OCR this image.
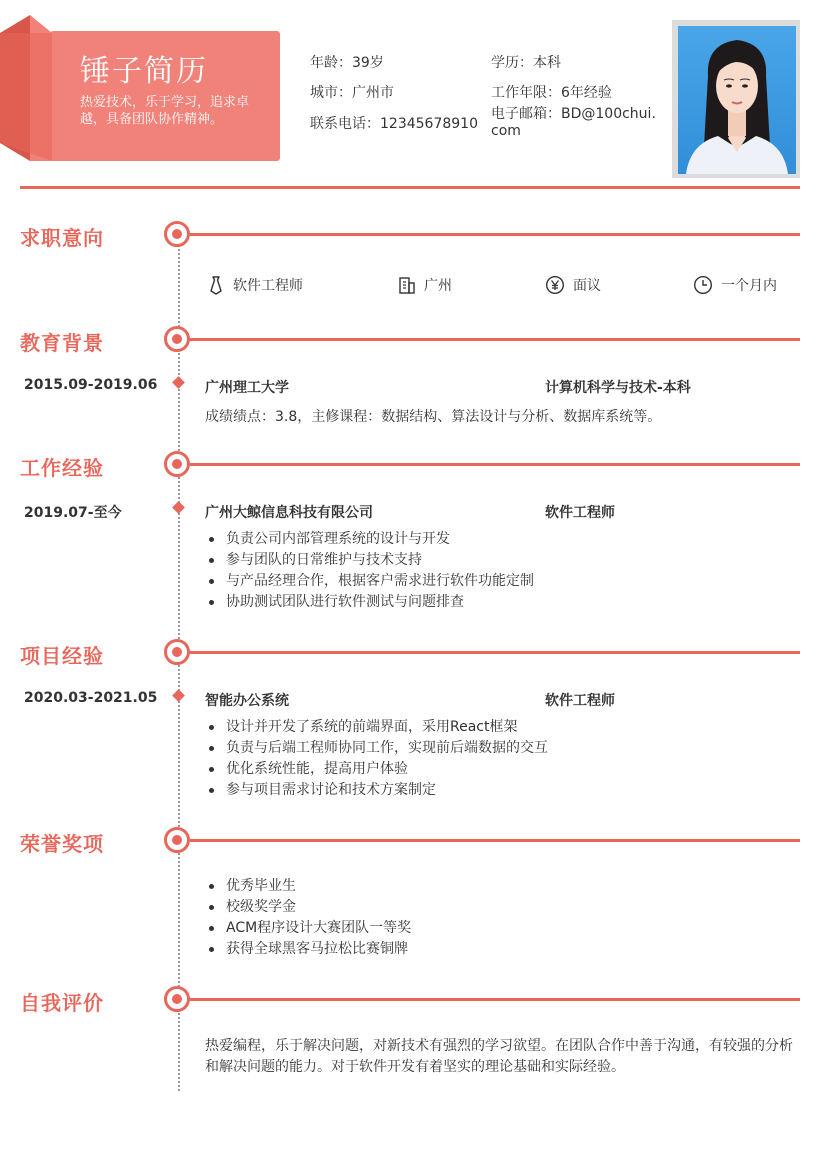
锤子简历
热爱技术，乐于学习，追求卓越，具备团队协作精神。
年龄：39岁
城市：广州市
联系电话：12345678910
学历：本科
工作年限：6年经验
电子邮箱：BD@100chui.com
求职意向
软件工程师	广州	面议	一个月内
教育背景
2015.09-2019.06	广州理工大学	计算机科学与技术-本科
成绩绩点：3.8，主修课程：数据结构、算法设计与分析、数据库系统等。
工作经验
2019.07-至今	广州大鲸信息科技有限公司	软件工程师
负责公司内部管理系统的设计与开发
参与团队的日常维护与技术支持
与产品经理合作，根据客户需求进行软件功能定制
协助测试团队进行软件测试与问题排查
项目经验
2020.03-2021.05	智能办公系统	软件工程师
设计并开发了系统的前端界面，采用React框架
负责与后端工程师协同工作，实现前后端数据的交互
优化系统性能，提高用户体验
参与项目需求讨论和技术方案制定
荣誉奖项
优秀毕业生
校级奖学金
ACM程序设计大赛团队一等奖
获得全球黑客马拉松比赛铜牌
自我评价
热爱编程，乐于解决问题，对新技术有强烈的学习欲望。在团队合作中善于沟通，有较强的分析和解决问题的能力。对于软件开发有着坚实的理论基础和实际经验。
